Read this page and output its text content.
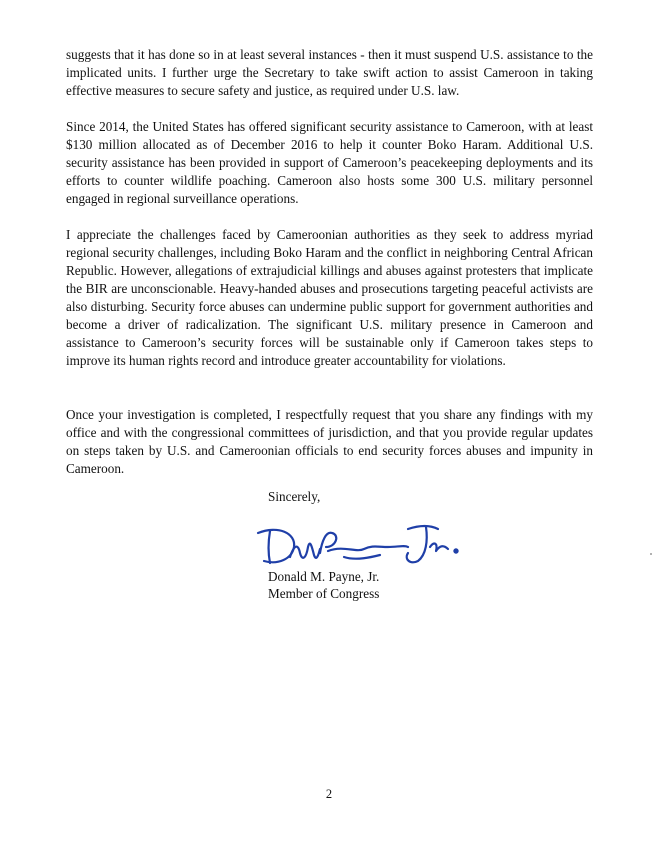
suggests that it has done so in at least several instances - then it must suspend U.S. assistance to the implicated units. I further urge the Secretary to take swift action to assist Cameroon in taking effective measures to secure safety and justice, as required under U.S. law.

Since 2014, the United States has offered significant security assistance to Cameroon, with at least $130 million allocated as of December 2016 to help it counter Boko Haram. Additional U.S. security assistance has been provided in support of Cameroon’s peacekeeping deployments and its efforts to counter wildlife poaching. Cameroon also hosts some 300 U.S. military personnel engaged in regional surveillance operations.

I appreciate the challenges faced by Cameroonian authorities as they seek to address myriad regional security challenges, including Boko Haram and the conflict in neighboring Central African Republic. However, allegations of extrajudicial killings and abuses against protesters that implicate the BIR are unconscionable. Heavy-handed abuses and prosecutions targeting peaceful activists are also disturbing. Security force abuses can undermine public support for government authorities and become a driver of radicalization. The significant U.S. military presence in Cameroon and assistance to Cameroon’s security forces will be sustainable only if Cameroon takes steps to improve its human rights record and introduce greater accountability for violations.

Once your investigation is completed, I respectfully request that you share any findings with my office and with the congressional committees of jurisdiction, and that you provide regular updates on steps taken by U.S. and Cameroonian officials to end security forces abuses and impunity in Cameroon.

Sincerely,
Donald M. Payne, Jr.
Member of Congress
2
